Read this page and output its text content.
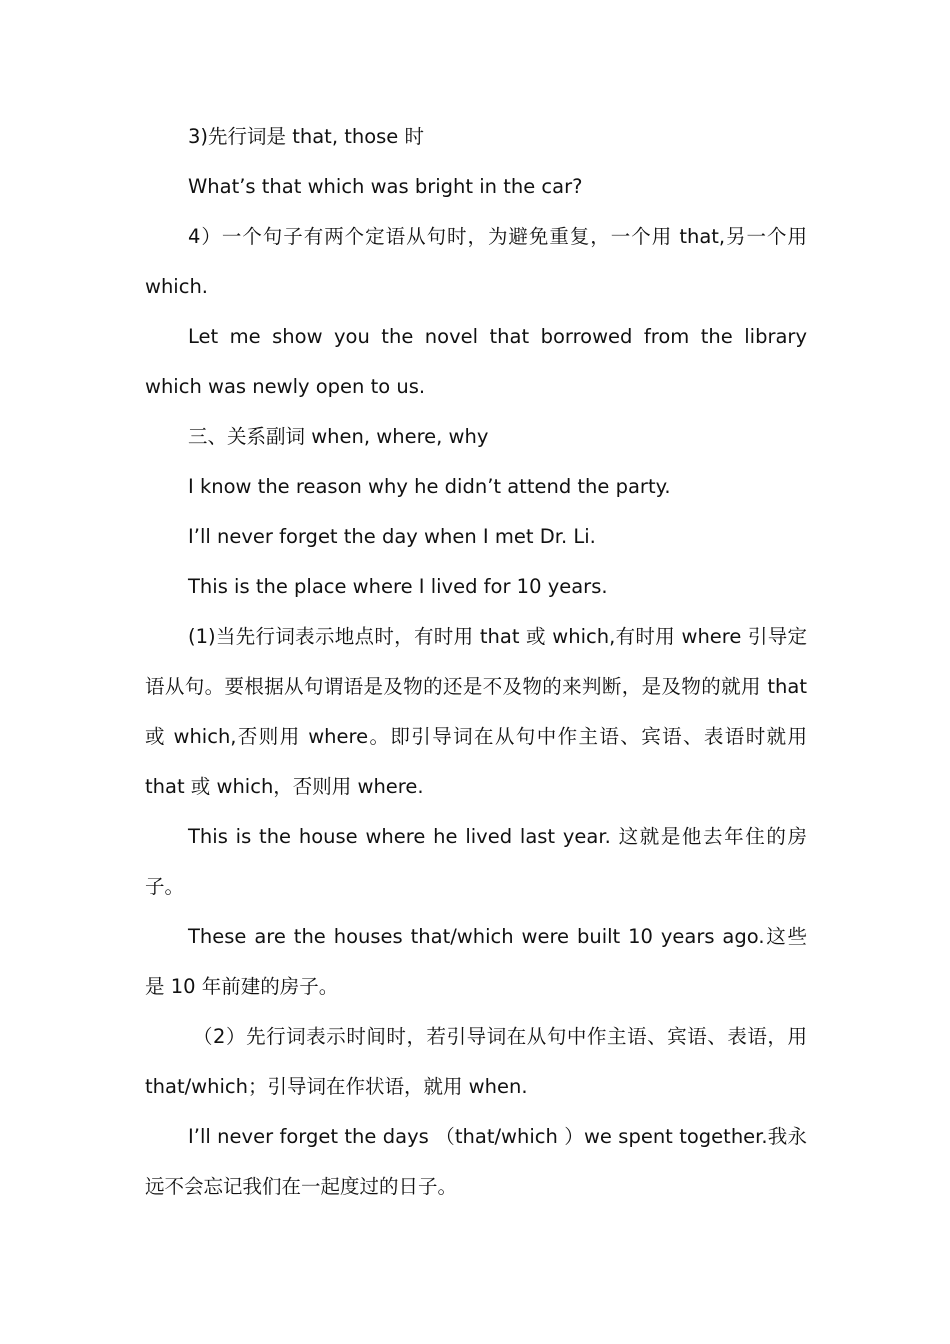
3)先行词是 that, those 时

What’s that which was bright in the car?

4）一个句子有两个定语从句时，为避免重复，一个用 that,另一个用 which.

Let me show you the novel that borrowed from the library which was newly open to us.

三、关系副词 when, where, why

I know the reason why he didn’t attend the party.

I’ll never forget the day when I met Dr. Li.

This is the place where I lived for 10 years.

(1)当先行词表示地点时，有时用 that 或 which,有时用 where 引导定语从句。要根据从句谓语是及物的还是不及物的来判断，是及物的就用 that 或 which,否则用 where。即引导词在从句中作主语、宾语、表语时就用 that 或 which，否则用 where.

This is the house where he lived last year. 这就是他去年住的房子。

These are the houses that/which were built 10 years ago.这些是 10 年前建的房子。

（2）先行词表示时间时，若引导词在从句中作主语、宾语、表语，用 that/which；引导词在作状语，就用 when.

I’ll never forget the days （that/which ）we spent together.我永远不会忘记我们在一起度过的日子。
